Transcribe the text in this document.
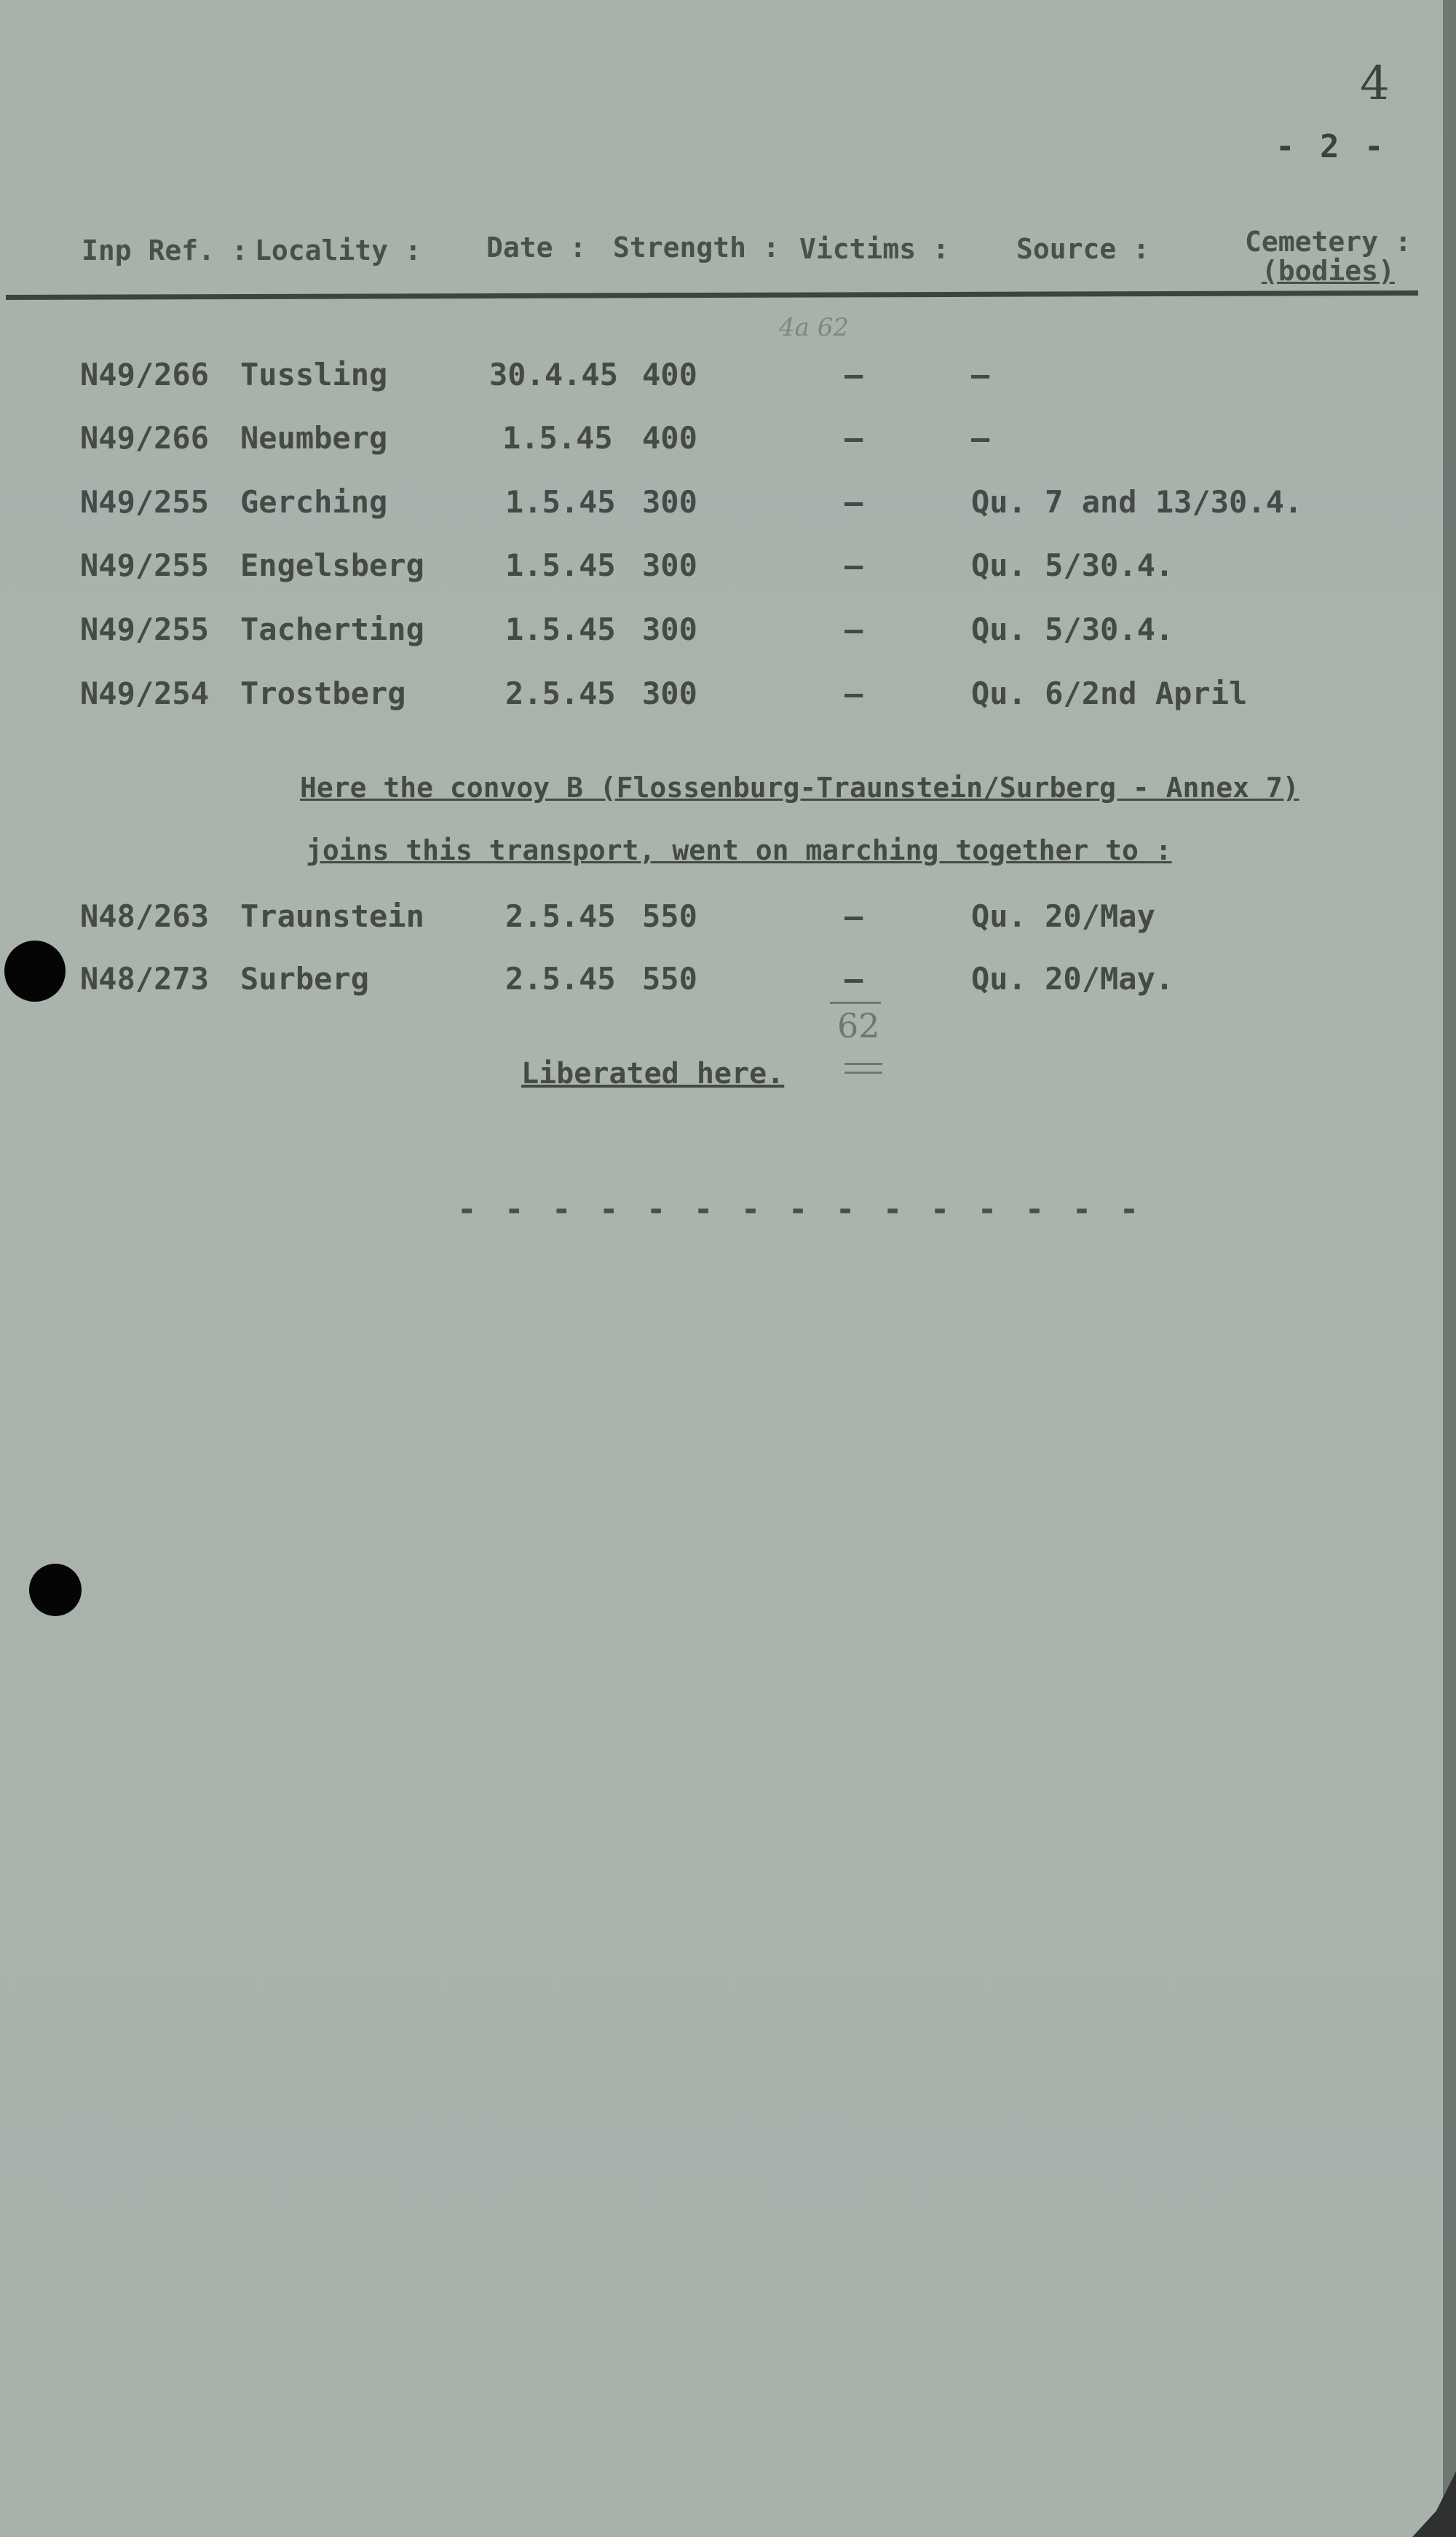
4
- 2 -
Inp Ref. : Locality : Date : Strength : Victims : Source :	Cemetery :
(bodies)
4a 62
N49/266 Tussling	30.4.45 400	—	—
N49/266 Neumberg	1.5.45 400	—	—
N49/255 Gerching	1.5.45 300	—	Qu. 7 and 13/30.4.
N49/255 Engelsberg	1.5.45 300	—	Qu. 5/30.4.
N49/255 Tacherting	1.5.45 300	—	Qu. 5/30.4.
N49/254 Trostberg	2.5.45 300	—	Qu. 6/2nd April
Here the convoy B (Flossenburg-Traunstein/Surberg - Annex 7)
joins this transport, went on marching together to :
N48/263 Traunstein	2.5.45 550	—	Qu. 20/May
N48/273 Surberg	2.5.45 550	—	Qu. 20/May.
62
Liberated here.
- - - - - - - - - - - - - - -
